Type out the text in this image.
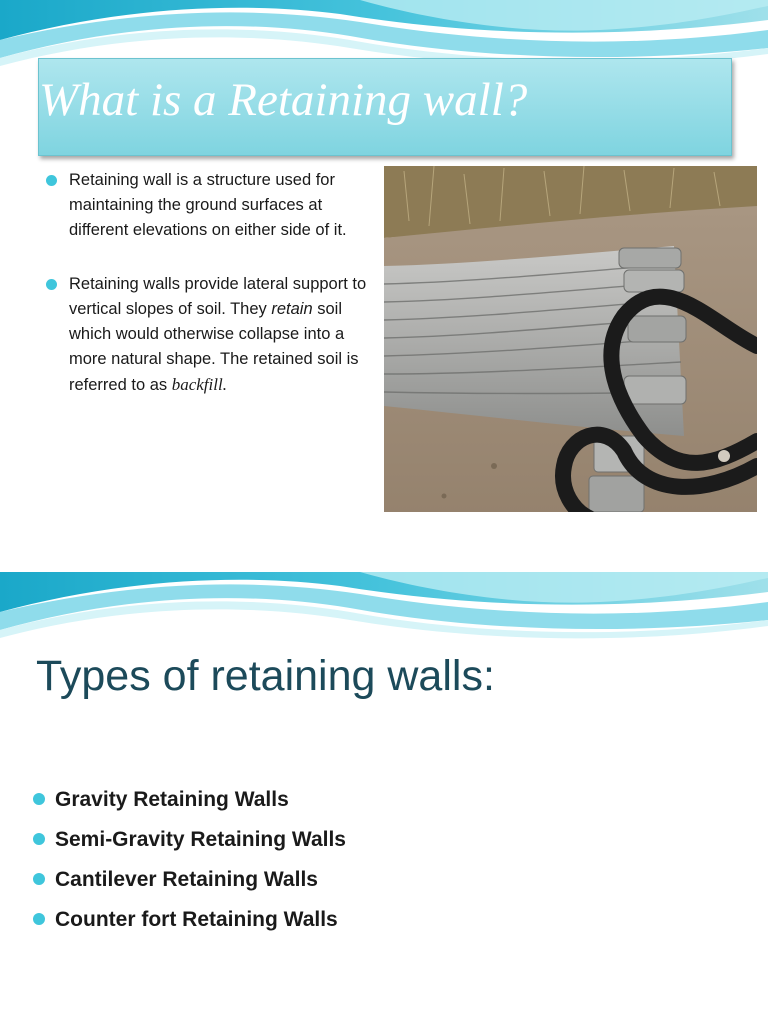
What is a Retaining wall?
Retaining wall is a structure used for maintaining the ground surfaces at different elevations on either side of it.
Retaining walls provide lateral support to vertical slopes of soil. They retain soil which would otherwise collapse into a more natural shape. The retained soil is referred to as backfill.
Types of retaining walls:
Gravity Retaining Walls
Semi-Gravity Retaining Walls
Cantilever Retaining Walls
Counter fort Retaining Walls
